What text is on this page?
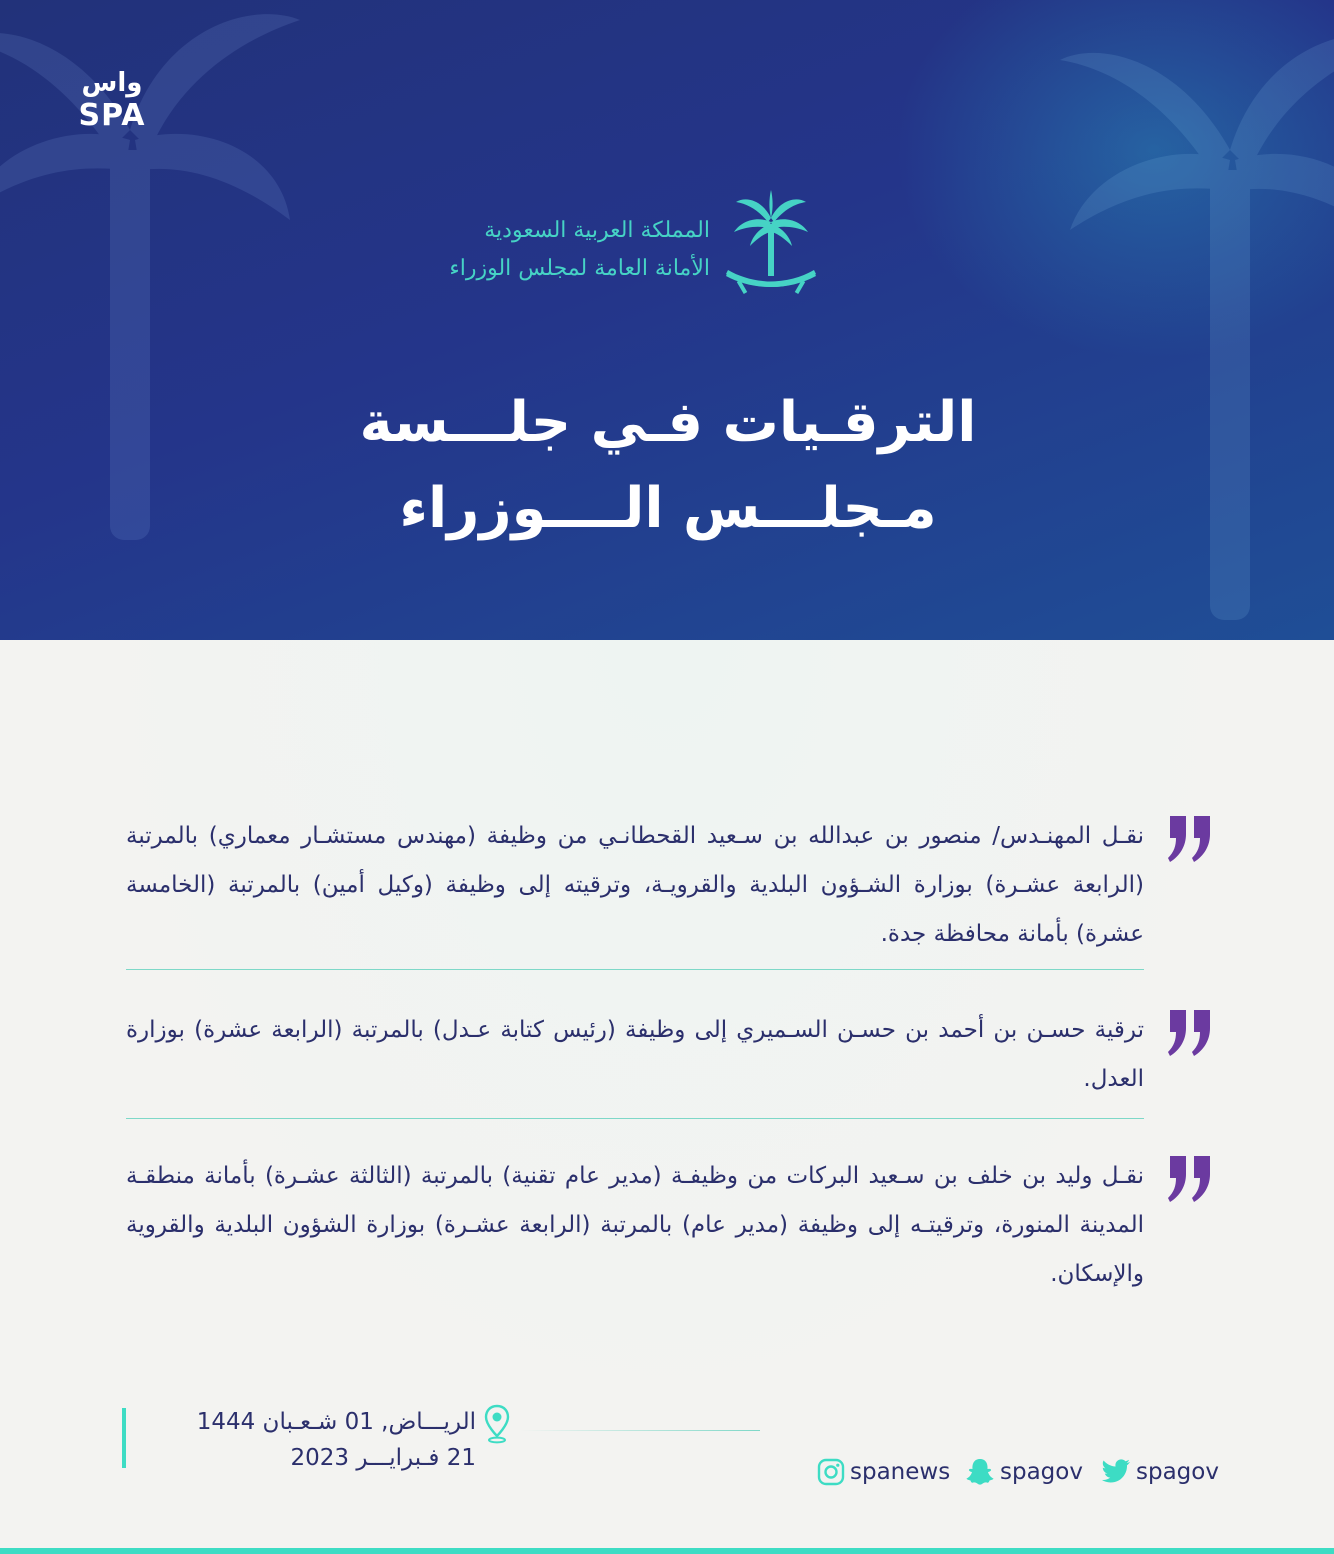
واس
SPA
المملكة العربية السعودية
الأمانة العامة لمجلس الوزراء
الترقـيات فـي جلـــسة
مـجلـــس الــــوزراء
نقـل المهنـدس/ منصور بن عبدالله بن سـعيد القحطانـي من وظيفة (مهندس مستشـار معماري) بالمرتبة (الرابعة عشـرة) بوزارة الشـؤون البلدية والقرويـة، وترقيته إلى وظيفة (وكيل أمين) بالمرتبة (الخامسة عشرة) بأمانة محافظة جدة.
ترقية حسـن بن أحمد بن حسـن السـميري إلى وظيفة (رئيس كتابة عـدل) بالمرتبة (الرابعة عشرة) بوزارة العدل.
نقـل وليد بن خلف بن سـعيد البركات من وظيفـة (مدير عام تقنية) بالمرتبة (الثالثة عشـرة) بأمانة منطقـة المدينة المنورة، وترقيتـه إلى وظيفة (مدير عام) بالمرتبة (الرابعة عشـرة) بوزارة الشؤون البلدية والقروية والإسكان.
الريـــاض, 01 شـعـبان 1444
21 فـبرايـــر 2023
spanews spagov spagov
